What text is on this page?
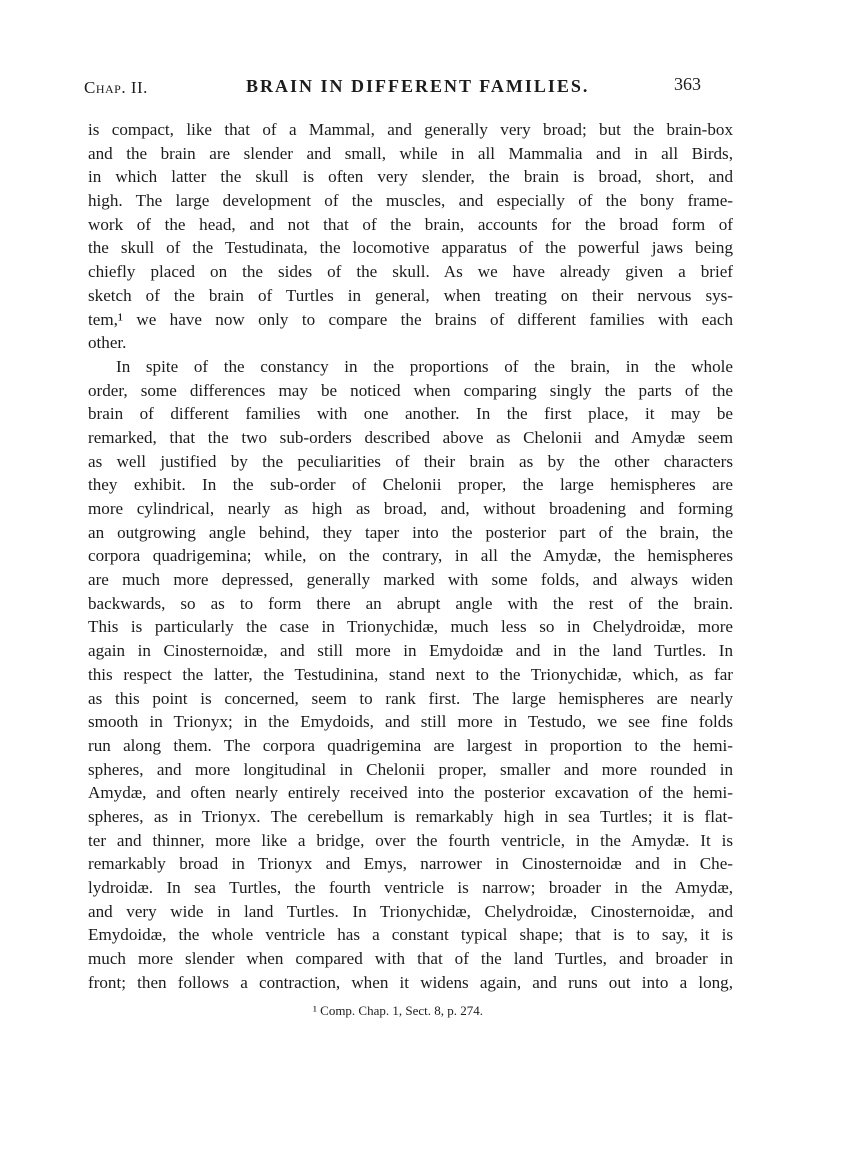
Chap. II.	BRAIN IN DIFFERENT FAMILIES.	363
is compact, like that of a Mammal, and generally very broad; but the brain-box
and the brain are slender and small, while in all Mammalia and in all Birds,
in which latter the skull is often very slender, the brain is broad, short, and
high. The large development of the muscles, and especially of the bony frame-
work of the head, and not that of the brain, accounts for the broad form of
the skull of the Testudinata, the locomotive apparatus of the powerful jaws being
chiefly placed on the sides of the skull. As we have already given a brief
sketch of the brain of Turtles in general, when treating on their nervous sys-
tem,¹ we have now only to compare the brains of different families with each
other.
In spite of the constancy in the proportions of the brain, in the whole
order, some differences may be noticed when comparing singly the parts of the
brain of different families with one another. In the first place, it may be
remarked, that the two sub-orders described above as Chelonii and Amydæ seem
as well justified by the peculiarities of their brain as by the other characters
they exhibit. In the sub-order of Chelonii proper, the large hemispheres are
more cylindrical, nearly as high as broad, and, without broadening and forming
an outgrowing angle behind, they taper into the posterior part of the brain, the
corpora quadrigemina; while, on the contrary, in all the Amydæ, the hemispheres
are much more depressed, generally marked with some folds, and always widen
backwards, so as to form there an abrupt angle with the rest of the brain.
This is particularly the case in Trionychidæ, much less so in Chelydroidæ, more
again in Cinosternoidæ, and still more in Emydoidæ and in the land Turtles. In
this respect the latter, the Testudinina, stand next to the Trionychidæ, which, as far
as this point is concerned, seem to rank first. The large hemispheres are nearly
smooth in Trionyx; in the Emydoids, and still more in Testudo, we see fine folds
run along them. The corpora quadrigemina are largest in proportion to the hemi-
spheres, and more longitudinal in Chelonii proper, smaller and more rounded in
Amydæ, and often nearly entirely received into the posterior excavation of the hemi-
spheres, as in Trionyx. The cerebellum is remarkably high in sea Turtles; it is flat-
ter and thinner, more like a bridge, over the fourth ventricle, in the Amydæ. It is
remarkably broad in Trionyx and Emys, narrower in Cinosternoidæ and in Che-
lydroidæ. In sea Turtles, the fourth ventricle is narrow; broader in the Amydæ,
and very wide in land Turtles. In Trionychidæ, Chelydroidæ, Cinosternoidæ, and
Emydoidæ, the whole ventricle has a constant typical shape; that is to say, it is
much more slender when compared with that of the land Turtles, and broader in
front; then follows a contraction, when it widens again, and runs out into a long,
¹ Comp. Chap. 1, Sect. 8, p. 274.
